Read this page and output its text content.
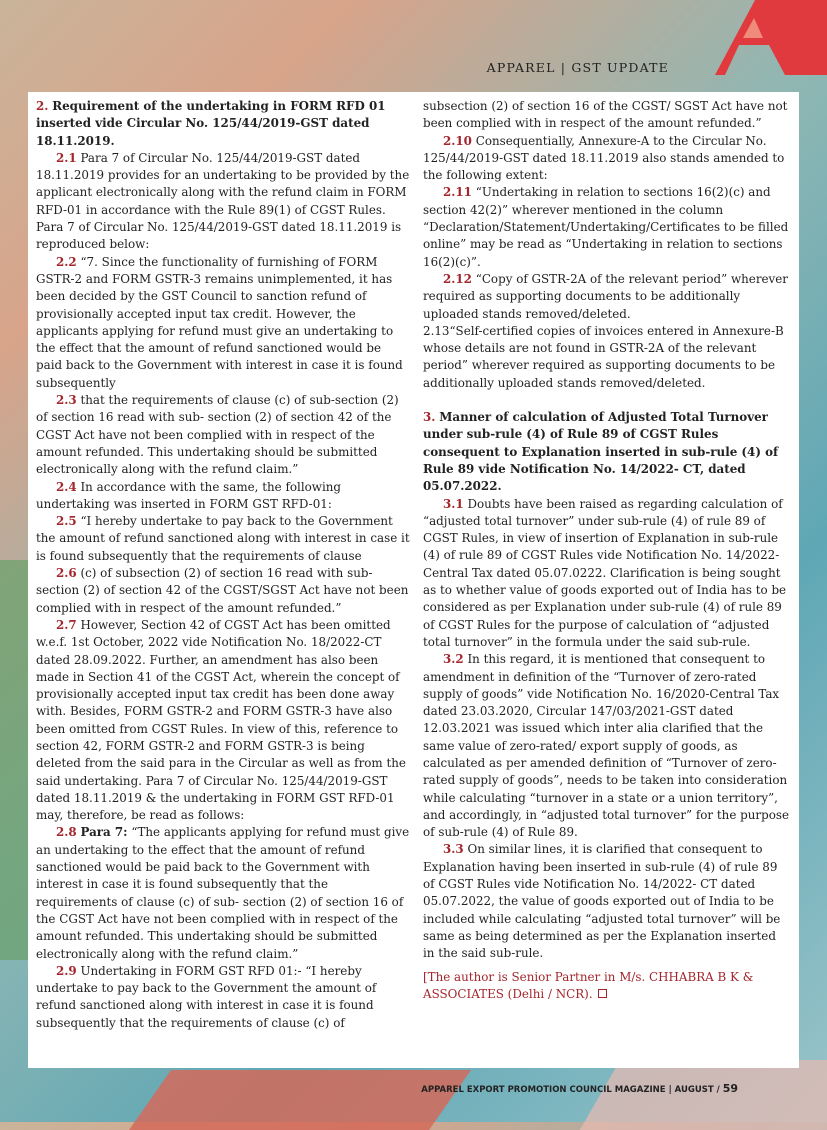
APPAREL | GST UPDATE

2. Requirement of the undertaking in FORM RFD 01 inserted vide Circular No. 125/44/2019-GST dated 18.11.2019.

2.1 Para 7 of Circular No. 125/44/2019-GST dated 18.11.2019 provides for an undertaking to be provided by the applicant electronically along with the refund claim in FORM RFD-01 in accordance with the Rule 89(1) of CGST Rules. Para 7 of Circular No. 125/44/2019-GST dated 18.11.2019 is reproduced below:

2.2 “7. Since the functionality of furnishing of FORM GSTR-2 and FORM GSTR-3 remains unimplemented, it has been decided by the GST Council to sanction refund of provisionally accepted input tax credit. However, the applicants applying for refund must give an undertaking to the effect that the amount of refund sanctioned would be paid back to the Government with interest in case it is found subsequently

2.3 that the requirements of clause (c) of sub-section (2) of section 16 read with sub- section (2) of section 42 of the CGST Act have not been complied with in respect of the amount refunded. This undertaking should be submitted electronically along with the refund claim.”

2.4 In accordance with the same, the following undertaking was inserted in FORM GST RFD-01:

2.5 “I hereby undertake to pay back to the Government the amount of refund sanctioned along with interest in case it is found subsequently that the requirements of clause

2.6 (c) of subsection (2) of section 16 read with sub-section (2) of section 42 of the CGST/SGST Act have not been complied with in respect of the amount refunded.”

2.7 However, Section 42 of CGST Act has been omitted w.e.f. 1st October, 2022 vide Notification No. 18/2022-CT dated 28.09.2022. Further, an amendment has also been made in Section 41 of the CGST Act, wherein the concept of provisionally accepted input tax credit has been done away with. Besides, FORM GSTR-2 and FORM GSTR-3 have also been omitted from CGST Rules. In view of this, reference to section 42, FORM GSTR-2 and FORM GSTR-3 is being deleted from the said para in the Circular as well as from the said undertaking. Para 7 of Circular No. 125/44/2019-GST dated 18.11.2019 & the undertaking in FORM GST RFD-01 may, therefore, be read as follows:

2.8 Para 7: “The applicants applying for refund must give an undertaking to the effect that the amount of refund sanctioned would be paid back to the Government with interest in case it is found subsequently that the requirements of clause (c) of sub- section (2) of section 16 of the CGST Act have not been complied with in respect of the amount refunded. This undertaking should be submitted electronically along with the refund claim.”

2.9 Undertaking in FORM GST RFD 01:- “I hereby undertake to pay back to the Government the amount of refund sanctioned along with interest in case it is found subsequently that the requirements of clause (c) of

subsection (2) of section 16 of the CGST/ SGST Act have not been complied with in respect of the amount refunded.”

2.10 Consequentially, Annexure-A to the Circular No. 125/44/2019-GST dated 18.11.2019 also stands amended to the following extent:

2.11 “Undertaking in relation to sections 16(2)(c) and section 42(2)” wherever mentioned in the column “Declaration/Statement/Undertaking/Certificates to be filled online” may be read as “Undertaking in relation to sections 16(2)(c)”.

2.12 “Copy of GSTR-2A of the relevant period” wherever required as supporting documents to be additionally uploaded stands removed/deleted.

2.13“Self-certified copies of invoices entered in Annexure-B whose details are not found in GSTR-2A of the relevant period” wherever required as supporting documents to be additionally uploaded stands removed/deleted.

3. Manner of calculation of Adjusted Total Turnover under sub-rule (4) of Rule 89 of CGST Rules consequent to Explanation inserted in sub-rule (4) of Rule 89 vide Notification No. 14/2022- CT, dated 05.07.2022.

3.1 Doubts have been raised as regarding calculation of “adjusted total turnover” under sub-rule (4) of rule 89 of CGST Rules, in view of insertion of Explanation in sub-rule (4) of rule 89 of CGST Rules vide Notification No. 14/2022-Central Tax dated 05.07.0222. Clarification is being sought as to whether value of goods exported out of India has to be considered as per Explanation under sub-rule (4) of rule 89 of CGST Rules for the purpose of calculation of “adjusted total turnover” in the formula under the said sub-rule.

3.2 In this regard, it is mentioned that consequent to amendment in definition of the “Turnover of zero-rated supply of goods” vide Notification No. 16/2020-Central Tax dated 23.03.2020, Circular 147/03/2021-GST dated 12.03.2021 was issued which inter alia clarified that the same value of zero-rated/ export supply of goods, as calculated as per amended definition of “Turnover of zero-rated supply of goods”, needs to be taken into consideration while calculating “turnover in a state or a union territory”, and accordingly, in “adjusted total turnover” for the purpose of sub-rule (4) of Rule 89.

3.3 On similar lines, it is clarified that consequent to Explanation having been inserted in sub-rule (4) of rule 89 of CGST Rules vide Notification No. 14/2022- CT dated 05.07.2022, the value of goods exported out of India to be included while calculating “adjusted total turnover” will be same as being determined as per the Explanation inserted in the said sub-rule.

[The author is Senior Partner in M/s. CHHABRA B K & ASSOCIATES (Delhi / NCR).

APPAREL EXPORT PROMOTION COUNCIL MAGAZINE | AUGUST / 59
